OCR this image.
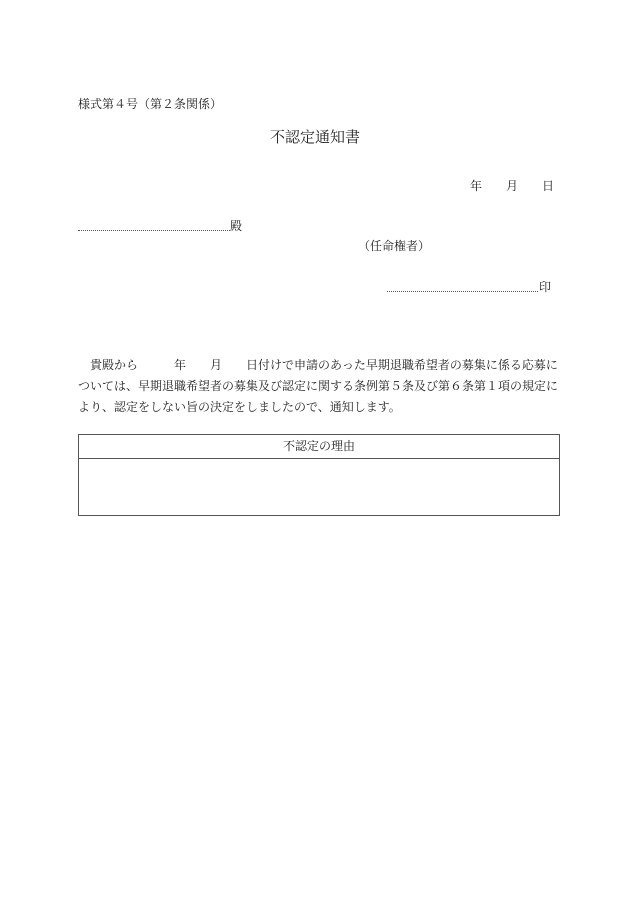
様式第４号（第２条関係）
不認定通知書
年 月 日
殿
（任命権者）
印

　貴殿から　　　年　　月　　日付けで申請のあった早期退職希望者の募集に係る応募に

ついては、早期退職希望者の募集及び認定に関する条例第５条及び第６条第１項の規定に

より、認定をしない旨の決定をしましたので、通知します。

不認定の理由
